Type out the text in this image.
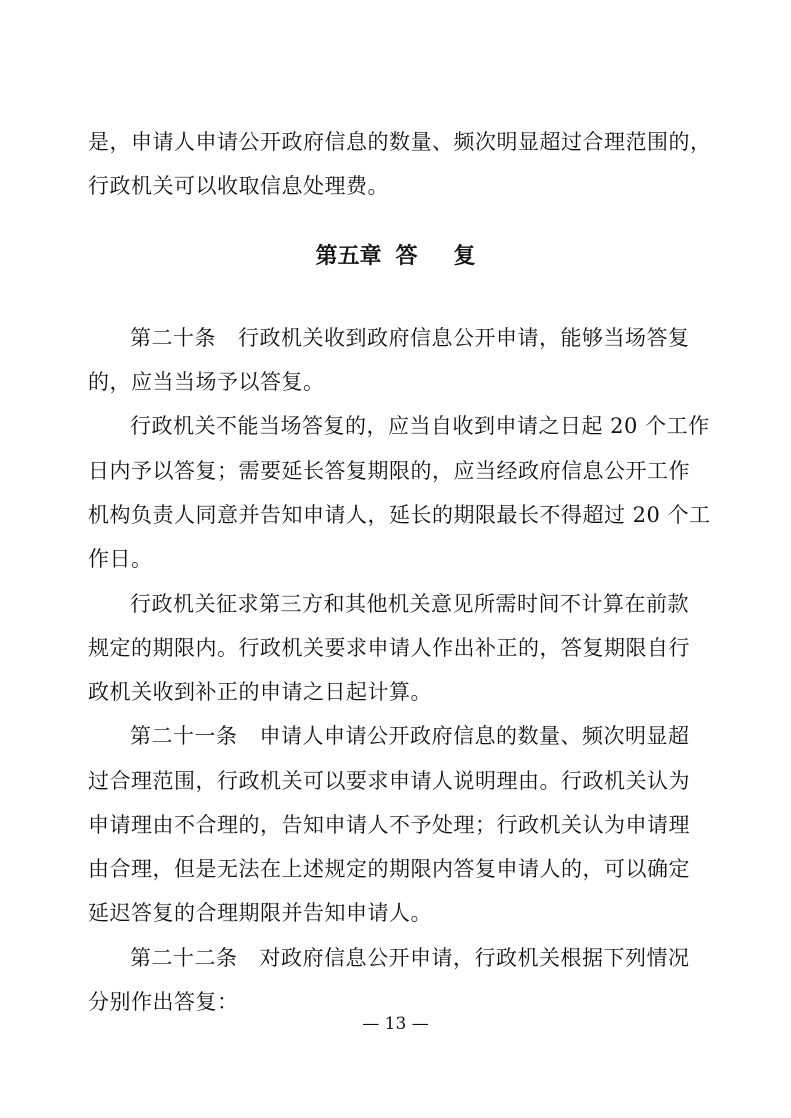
是，申请人申请公开政府信息的数量、频次明显超过合理范围的，
行政机关可以收取信息处理费。
第五章 答 复
第二十条 行政机关收到政府信息公开申请，能够当场答复
的，应当当场予以答复。
行政机关不能当场答复的，应当自收到申请之日起 20 个工作
日内予以答复；需要延长答复期限的，应当经政府信息公开工作
机构负责人同意并告知申请人，延长的期限最长不得超过 20 个工
作日。
行政机关征求第三方和其他机关意见所需时间不计算在前款
规定的期限内。行政机关要求申请人作出补正的，答复期限自行
政机关收到补正的申请之日起计算。
第二十一条 申请人申请公开政府信息的数量、频次明显超
过合理范围，行政机关可以要求申请人说明理由。行政机关认为
申请理由不合理的，告知申请人不予处理；行政机关认为申请理
由合理，但是无法在上述规定的期限内答复申请人的，可以确定
延迟答复的合理期限并告知申请人。
第二十二条 对政府信息公开申请，行政机关根据下列情况
分别作出答复：
— 13 —
